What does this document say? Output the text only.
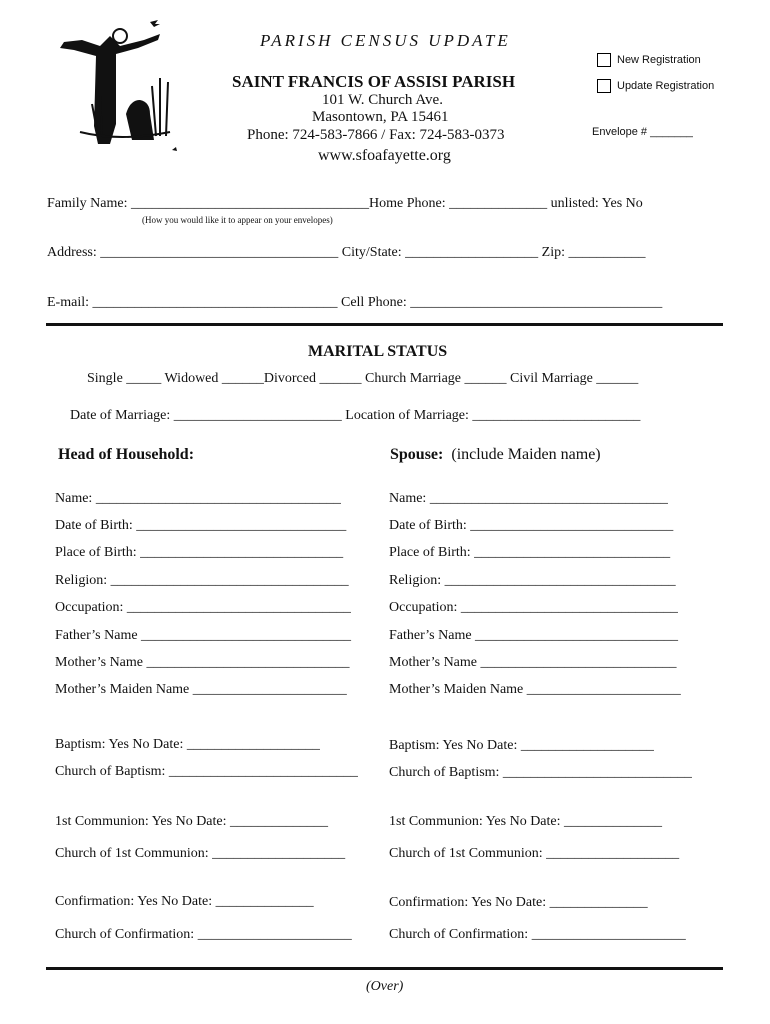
PARISH CENSUS UPDATE
SAINT FRANCIS OF ASSISI PARISH
101 W. Church Ave.
Masontown, PA 15461
Phone: 724-583-7866 / Fax: 724-583-0373
www.sfoafayette.org
New Registration
Update Registration
Envelope # _______
Family Name: __________________________________Home Phone: ______________ unlisted: Yes No
(How you would like it to appear on your envelopes)
Address: __________________________________ City/State: ___________________ Zip: ___________
E-mail: ___________________________________ Cell Phone: ____________________________________
MARITAL STATUS
Single _____ Widowed ______Divorced ______ Church Marriage ______ Civil Marriage ______
Date of Marriage: ________________________ Location of Marriage: ________________________
Head of Household:
Name: ___________________________________
Date of Birth: ______________________________
Place of Birth: _____________________________
Religion: __________________________________
Occupation: ________________________________
Father’s Name ______________________________
Mother’s Name _____________________________
Mother’s Maiden Name ______________________
Baptism: Yes No Date: ___________________
Church of Baptism: ___________________________
1st Communion: Yes No Date: ______________
Church of 1st Communion: ___________________
Confirmation: Yes No Date: ______________
Church of Confirmation: ______________________
Spouse: (include Maiden name)
Name: __________________________________
Date of Birth: _____________________________
Place of Birth: ____________________________
Religion: _________________________________
Occupation: _______________________________
Father’s Name _____________________________
Mother’s Name ____________________________
Mother’s Maiden Name ______________________
Baptism: Yes No Date: ___________________
Church of Baptism: ___________________________
1st Communion: Yes No Date: ______________
Church of 1st Communion: ___________________
Confirmation: Yes No Date: ______________
Church of Confirmation: ______________________
(Over)
